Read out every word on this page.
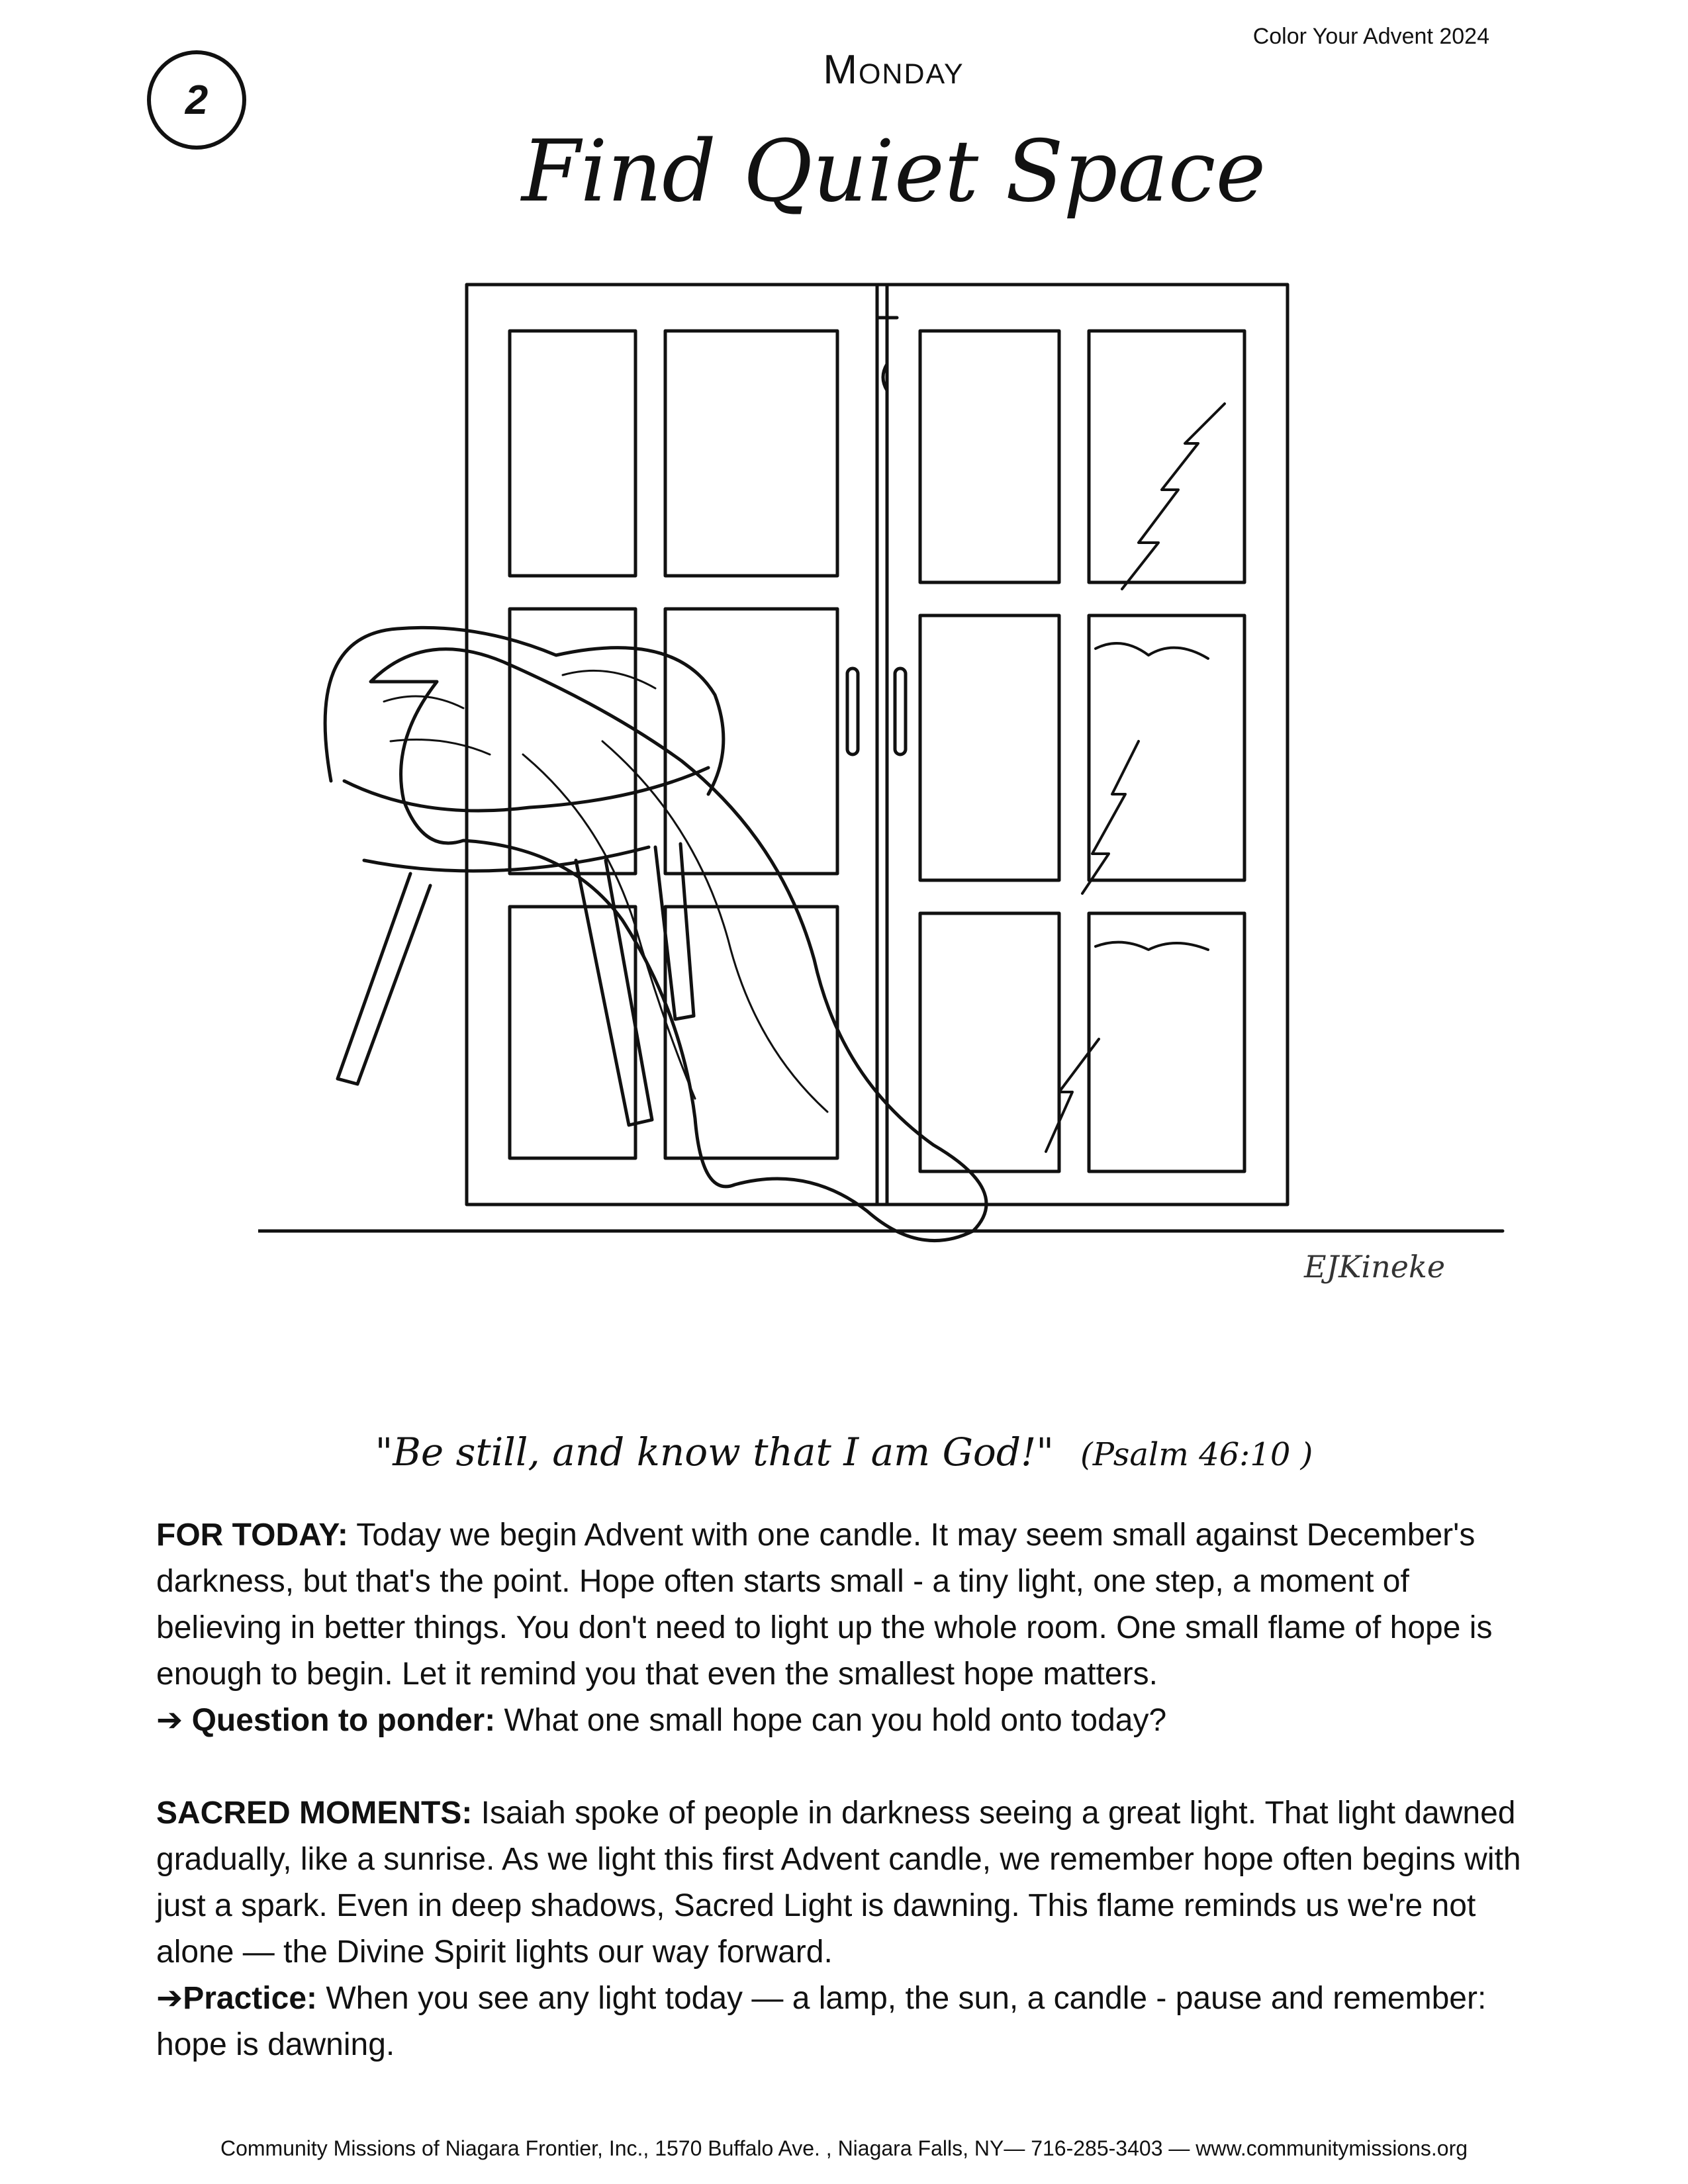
Color Your Advent 2024
2
Monday
Find Quiet Space
EJKineke
"Be still, and know that I am God!" (Psalm 46:10 )

FOR TODAY: Today we begin Advent with one candle. It may seem small against December's darkness, but that's the point. Hope often starts small - a tiny light, one step, a moment of believing in better things. You don't need to light up the whole room. One small flame of hope is enough to begin. Let it remind you that even the smallest hope matters.

➔ Question to ponder: What one small hope can you hold onto today?

SACRED MOMENTS: Isaiah spoke of people in darkness seeing a great light. That light dawned gradually, like a sunrise. As we light this first Advent candle, we remember hope often begins with just a spark. Even in deep shadows, Sacred Light is dawning. This flame reminds us we're not alone — the Divine Spirit lights our way forward.

➔Practice: When you see any light today — a lamp, the sun, a candle - pause and remember: hope is dawning.

Community Missions of Niagara Frontier, Inc., 1570 Buffalo Ave. , Niagara Falls, NY— 716-285-3403 — www.communitymissions.org
